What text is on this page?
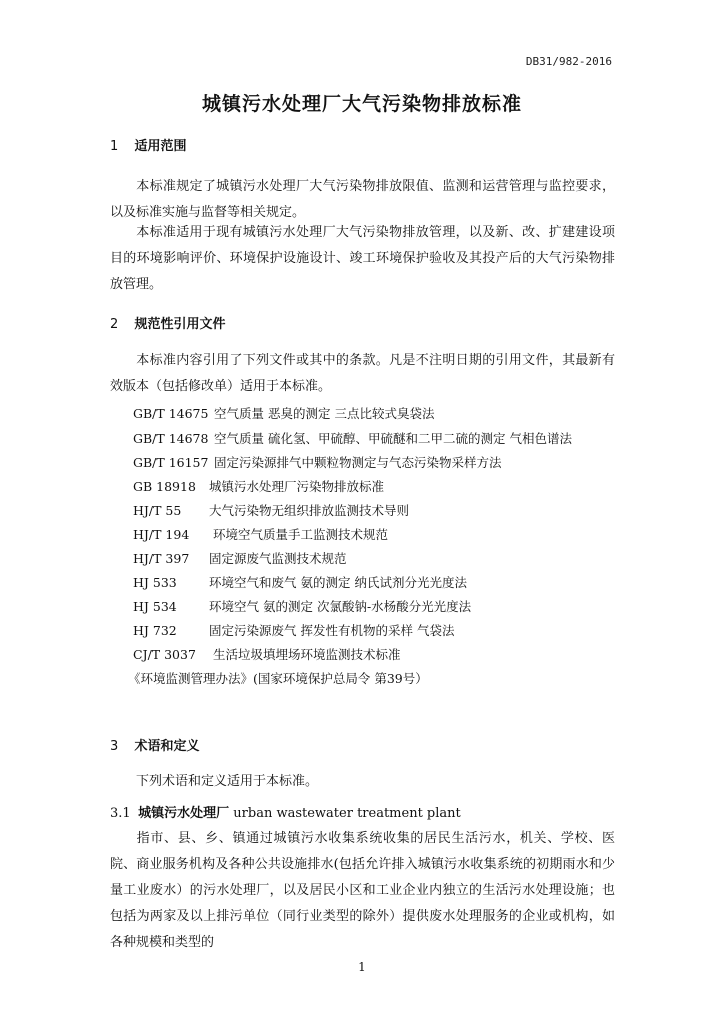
DB31/982-2016
城镇污水处理厂大气污染物排放标准
1 适用范围
本标准规定了城镇污水处理厂大气污染物排放限值、监测和运营管理与监控要求，以及标准实施与监督等相关规定。
本标准适用于现有城镇污水处理厂大气污染物排放管理，以及新、改、扩建建设项目的环境影响评价、环境保护设施设计、竣工环境保护验收及其投产后的大气污染物排放管理。
2 规范性引用文件
本标准内容引用了下列文件或其中的条款。凡是不注明日期的引用文件，其最新有效版本（包括修改单）适用于本标准。
GB/T 14675 空气质量 恶臭的测定 三点比较式臭袋法
GB/T 14678 空气质量 硫化氢、甲硫醇、甲硫醚和二甲二硫的测定 气相色谱法
GB/T 16157 固定污染源排气中颗粒物测定与气态污染物采样方法
GB 18918 城镇污水处理厂污染物排放标准
HJ/T 55 大气污染物无组织排放监测技术导则
HJ/T 194 环境空气质量手工监测技术规范
HJ/T 397 固定源废气监测技术规范
HJ 533	环境空气和废气 氨的测定 纳氏试剂分光光度法
HJ 534	环境空气 氨的测定 次氯酸钠-水杨酸分光光度法
HJ 732	固定污染源废气 挥发性有机物的采样 气袋法
CJ/T 3037 生活垃圾填埋场环境监测技术标准
《环境监测管理办法》(国家环境保护总局令 第39号）
3 术语和定义
下列术语和定义适用于本标准。
3.1 城镇污水处理厂 urban wastewater treatment plant
指市、县、乡、镇通过城镇污水收集系统收集的居民生活污水，机关、学校、医院、商业服务机构及各种公共设施排水(包括允许排入城镇污水收集系统的初期雨水和少量工业废水）的污水处理厂，以及居民小区和工业企业内独立的生活污水处理设施；也包括为两家及以上排污单位（同行业类型的除外）提供废水处理服务的企业或机构，如各种规模和类型的
1
